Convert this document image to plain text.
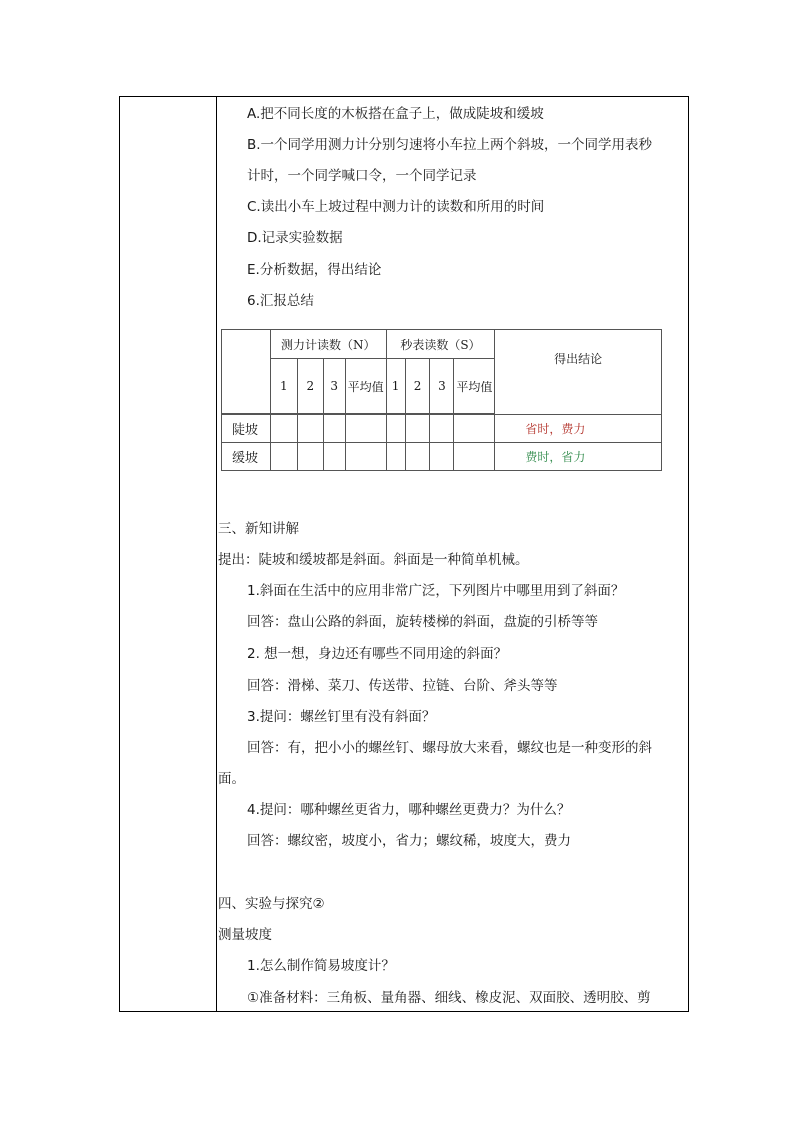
A.把不同长度的木板搭在盒子上，做成陡坡和缓坡
B.一个同学用测力计分别匀速将小车拉上两个斜坡，一个同学用表秒
计时，一个同学喊口令，一个同学记录
C.读出小车上坡过程中测力计的读数和所用的时间
D.记录实验数据
E.分析数据，得出结论
6.汇报总结
	测力计读数（N）				秒表读数（S）				得出结论
	1	2	3	平均值	1	2	3	平均值	

陡坡									省时，费力
缓坡									费时，省力
三、新知讲解
提出：陡坡和缓坡都是斜面。斜面是一种简单机械。
1.斜面在生活中的应用非常广泛，下列图片中哪里用到了斜面？
回答：盘山公路的斜面，旋转楼梯的斜面，盘旋的引桥等等
2. 想一想，身边还有哪些不同用途的斜面？
回答：滑梯、菜刀、传送带、拉链、台阶、斧头等等
3.提问：螺丝钉里有没有斜面？
回答：有，把小小的螺丝钉、螺母放大来看，螺纹也是一种变形的斜
面。
4.提问：哪种螺丝更省力，哪种螺丝更费力？为什么？
回答：螺纹密，坡度小，省力；螺纹稀，坡度大，费力
四、实验与探究②
测量坡度
1.怎么制作简易坡度计？
①准备材料：三角板、量角器、细线、橡皮泥、双面胶、透明胶、剪
